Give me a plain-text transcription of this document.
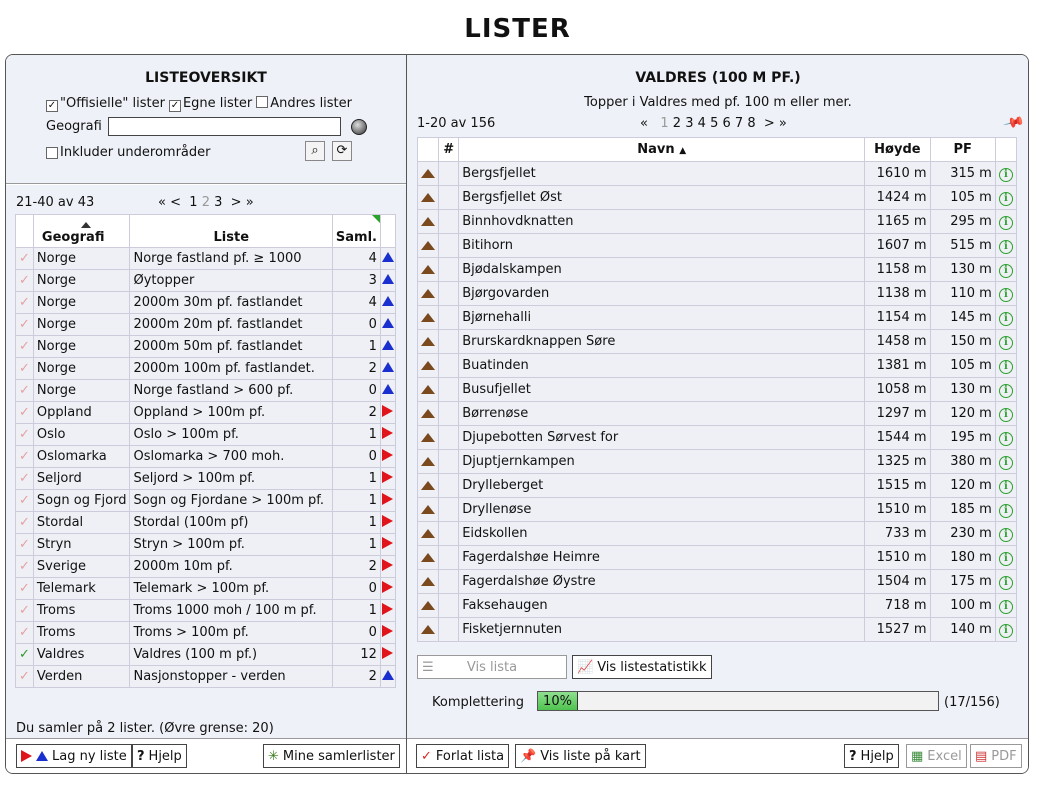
LISTER
LISTEOVERSIKT
✓ "Offisielle" lister ✓ Egne lister	Andres lister
Geografi
Inkluder underområder	⌕	⟳
21-40 av 43	« < 1 2 3 > »

Geografi	Liste	Saml.

✓	Norge	Norge fastland pf. ≥ 1000	4	
✓	Norge	Øytopper	3	
✓	Norge	2000m 30m pf. fastlandet	4	
✓	Norge	2000m 20m pf. fastlandet	0	
✓	Norge	2000m 50m pf. fastlandet	1	
✓	Norge	2000m 100m pf. fastlandet.	2	
✓	Norge	Norge fastland > 600 pf.	0	
✓	Oppland	Oppland > 100m pf.	2	
✓	Oslo	Oslo > 100m pf.	1	
✓	Oslomarka	Oslomarka > 700 moh.	0	
✓	Seljord	Seljord > 100m pf.	1	
✓	Sogn og Fjord	Sogn og Fjordane > 100m pf.	1	
✓	Stordal	Stordal (100m pf)	1	
✓	Stryn	Stryn > 100m pf.	1	
✓	Sverige	2000m 10m pf.	2	
✓	Telemark	Telemark > 100m pf.	0	
✓	Troms	Troms 1000 moh / 100 m pf.	1	
✓	Troms	Troms > 100m pf.	0	
✓	Valdres	Valdres (100 m pf.)	12	
✓	Verden	Nasjonstopper - verden	2	
Du samler på 2 lister. (Øvre grense: 20)
Lag ny liste ? Hjelp	✳ Mine samlerlister
VALDRES (100 M PF.)
Topper i Valdres med pf. 100 m eller mer.
1-20 av 156	« 1 2 3 4 5 6 7 8 > »	📌
	#	Navn ▲	Høyde	PF	
		Bergsfjellet	1610 m	315 m	i
		Bergsfjellet Øst	1424 m	105 m	i
		Binnhovdknatten	1165 m	295 m	i
		Bitihorn	1607 m	515 m	i
		Bjødalskampen	1158 m	130 m	i
		Bjørgovarden	1138 m	110 m	i
		Bjørnehalli	1154 m	145 m	i
		Brurskardknappen Søre	1458 m	150 m	i
		Buatinden	1381 m	105 m	i
		Busufjellet	1058 m	130 m	i
		Børrenøse	1297 m	120 m	i
		Djupebotten Sørvest for	1544 m	195 m	i
		Djuptjernkampen	1325 m	380 m	i
		Drylleberget	1515 m	120 m	i
		Dryllenøse	1510 m	185 m	i
		Eidskollen	733 m	230 m	i
		Fagerdalshøe Heimre	1510 m	180 m	i
		Fagerdalshøe Øystre	1504 m	175 m	i
		Faksehaugen	718 m	100 m	i
		Fisketjernnuten	1527 m	140 m	i
☰	Vis lista	📈 Vis listestatistikk
Komplettering	10%	(17/156)
✓ Forlat lista 📌 Vis liste på kart	? Hjelp ▦ Excel ▤ PDF
